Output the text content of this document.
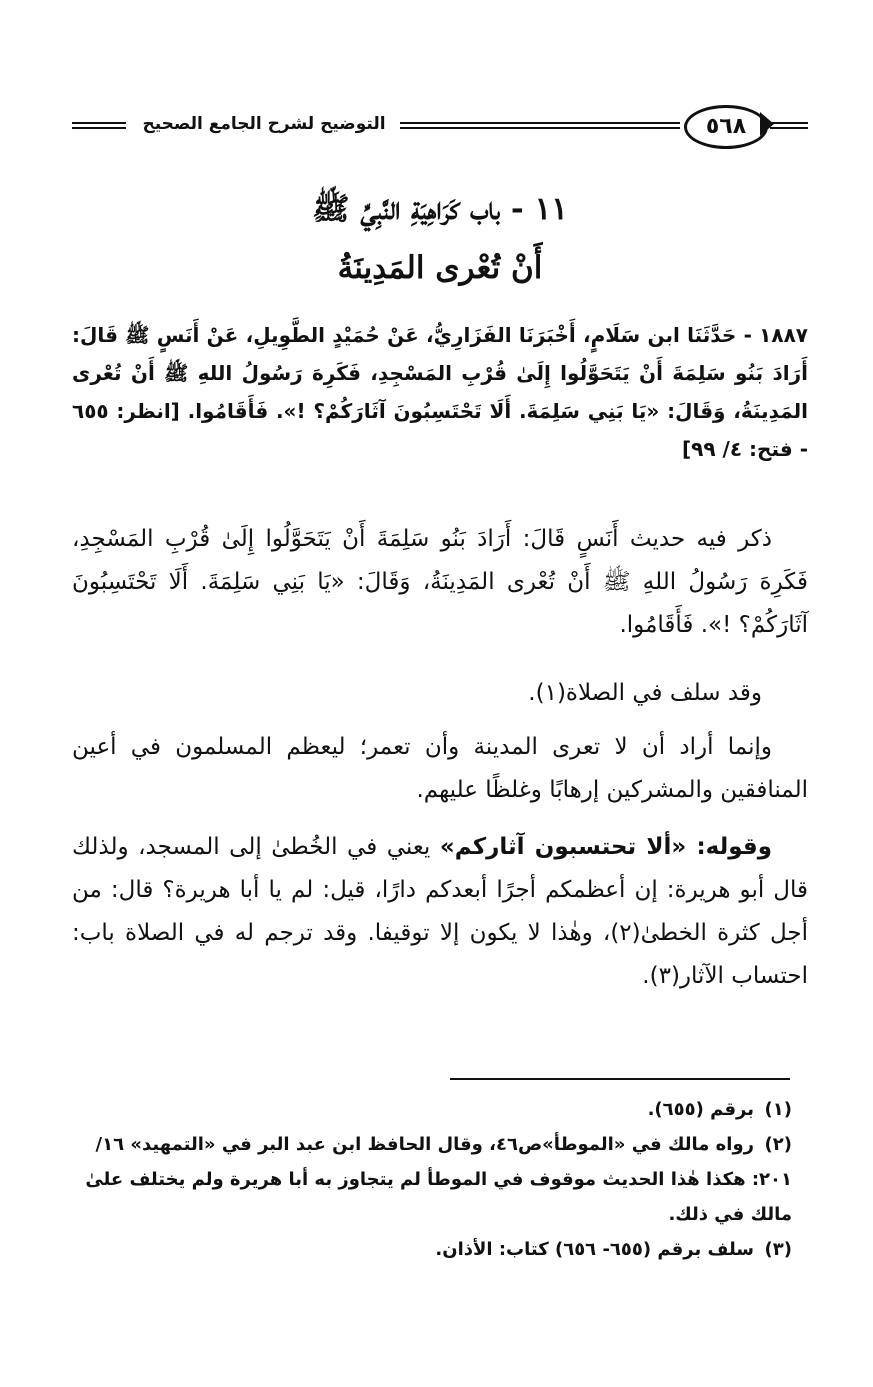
التوضيح لشرح الجامع الصحيح	٥٦٨
١١ - باب كَرَاهِيَةِ النَّبِيِّ ﷺ
أَنْ تُعْرى المَدِينَةُ
١٨٨٧ - حَدَّثَنَا ابن سَلَامٍ، أَخْبَرَنَا الفَزَارِيُّ، عَنْ حُمَيْدٍ الطَّوِيلِ، عَنْ أَنَسٍ ﷺ قَالَ: أَرَادَ بَنُو سَلِمَةَ أَنْ يَتَحَوَّلُوا إِلَىٰ قُرْبِ المَسْجِدِ، فَكَرِهَ رَسُولُ اللهِ ﷺ أَنْ تُعْرى المَدِينَةُ، وَقَالَ: «يَا بَنِي سَلِمَةَ. أَلَا تَحْتَسِبُونَ آثَارَكُمْ؟ !». فَأَقَامُوا. [انظر: ٦٥٥ - فتح: ٤/ ٩٩]
ذكر فيه حديث أَنَسٍ قَالَ: أَرَادَ بَنُو سَلِمَةَ أَنْ يَتَحَوَّلُوا إِلَىٰ قُرْبِ المَسْجِدِ، فَكَرِهَ رَسُولُ اللهِ ﷺ أَنْ تُعْرى المَدِينَةُ، وَقَالَ: «يَا بَنِي سَلِمَةَ. أَلَا تَحْتَسِبُونَ آثَارَكُمْ؟ !». فَأَقَامُوا.
وقد سلف في الصلاة(١).
وإنما أراد أن لا تعرى المدينة وأن تعمر؛ ليعظم المسلمون في أعين المنافقين والمشركين إرهابًا وغلظًا عليهم.
وقوله: «ألا تحتسبون آثاركم» يعني في الخُطىٰ إلى المسجد، ولذلك قال أبو هريرة: إن أعظمكم أجرًا أبعدكم دارًا، قيل: لم يا أبا هريرة؟ قال: من أجل كثرة الخطىٰ(٢)، وهٰذا لا يكون إلا توقيفا. وقد ترجم له في الصلاة باب: احتساب الآثار(٣).
(١)برقم (٦٥٥).
(٢)رواه مالك في «الموطأ»ص٤٦، وقال الحافظ ابن عبد البر في «التمهيد» ١٦/ ٢٠١: هكذا هٰذا الحديث موقوف في الموطأ لم يتجاوز به أبا هريرة ولم يختلف علىٰ مالك في ذلك.
(٣)سلف برقم (٦٥٥- ٦٥٦) كتاب: الأذان.
